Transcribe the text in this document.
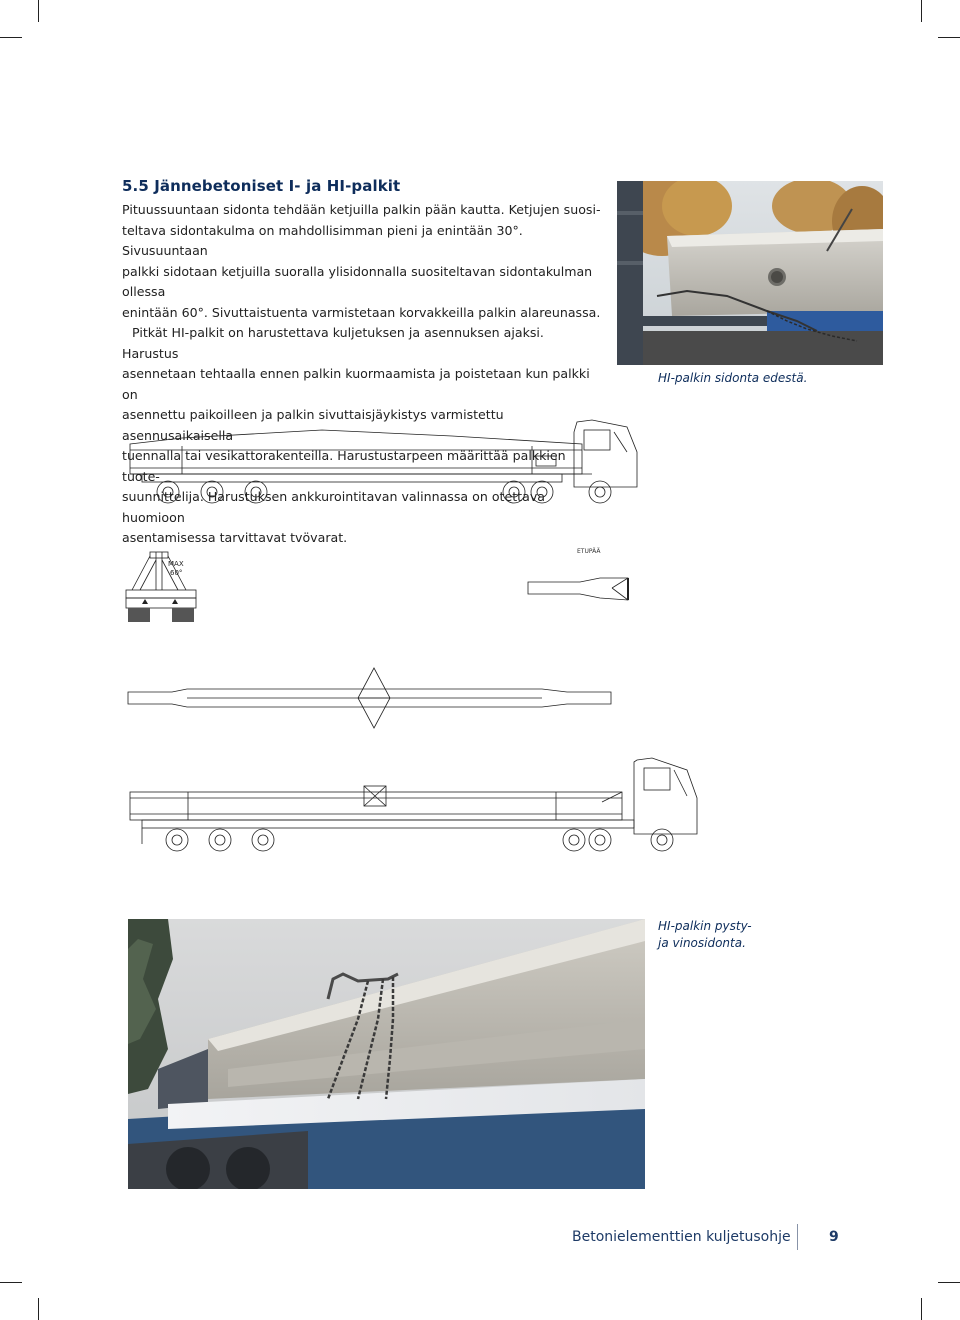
5.5 Jännebetoniset I- ja HI-palkit

Pituussuuntaan sidonta tehdään ketjuilla palkin pään kautta. Ketjujen suosi-
teltava sidontakulma on mahdollisimman pieni ja enintään 30°. Sivusuuntaan
palkki sidotaan ketjuilla suoralla ylisidonnalla suositeltavan sidontakulman ollessa
enintään 60°. Sivuttaistuenta varmistetaan korvakkeilla palkin alareunassa.

Pitkät HI-palkit on harustettava kuljetuksen ja asennuksen ajaksi. Harustus
asennetaan tehtaalla ennen palkin kuormaamista ja poistetaan kun palkki on
asennettu paikoilleen ja palkin sivuttaisjäykistys varmistettu asennusaikaisella
tuennalla tai vesikattorakenteilla. Harustustarpeen määrittää palkkien tuote-
suunnittelija. Harustuksen ankkurointitavan valinnassa on otettava huomioon
asentamisessa tarvittavat tvövarat.

HI-palkin sidonta edestä.
MAX
60°
ETUPÄÄ
HI-palkin pysty-
ja vinosidonta.
Betonielementtien kuljetusohje	9
